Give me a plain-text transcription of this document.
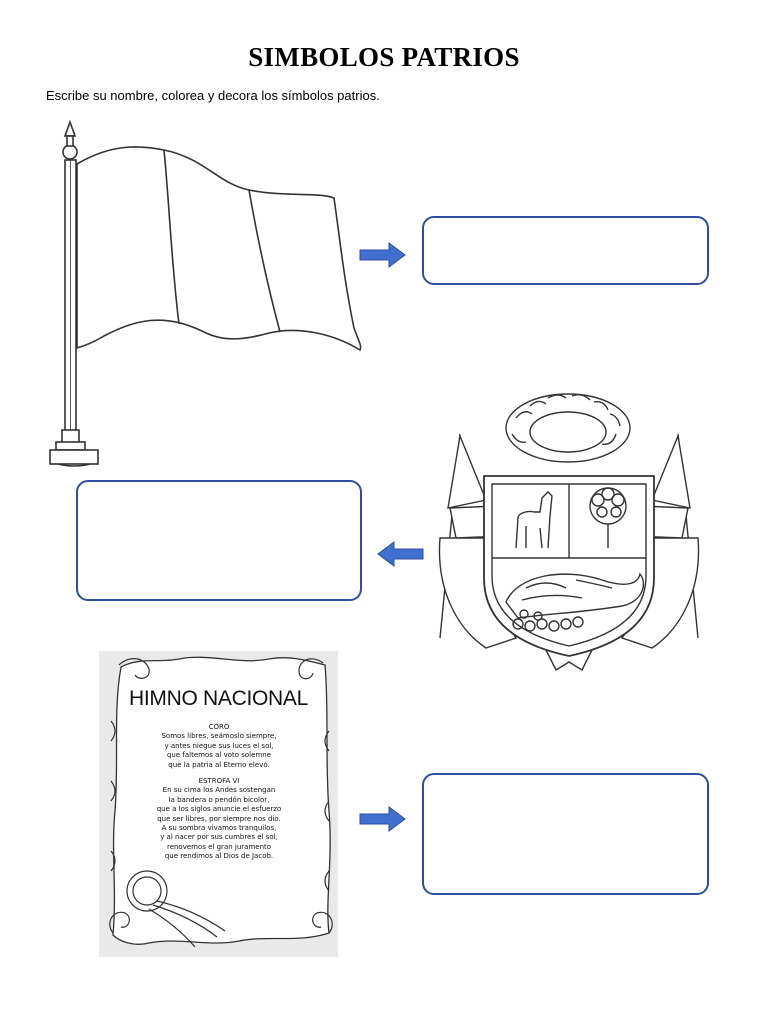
SIMBOLOS PATRIOS
Escribe su nombre, colorea y decora los símbolos patrios.
HIMNO NACIONAL
CORO
Somos libres, seámoslo siempre,
y antes niegue sus luces el sol,
que faltemos al voto solemne
que la patria al Eterno elevó.
ESTROFA VI
En su cima los Andes sostengan
la bandera o pendón bicolor,
que a los siglos anuncie el esfuerzo
que ser libres, por siempre nos dio.
A su sombra vivamos tranquilos,
y al nacer por sus cumbres el sol,
renovemos el gran juramento
que rendimos al Dios de Jacob.
